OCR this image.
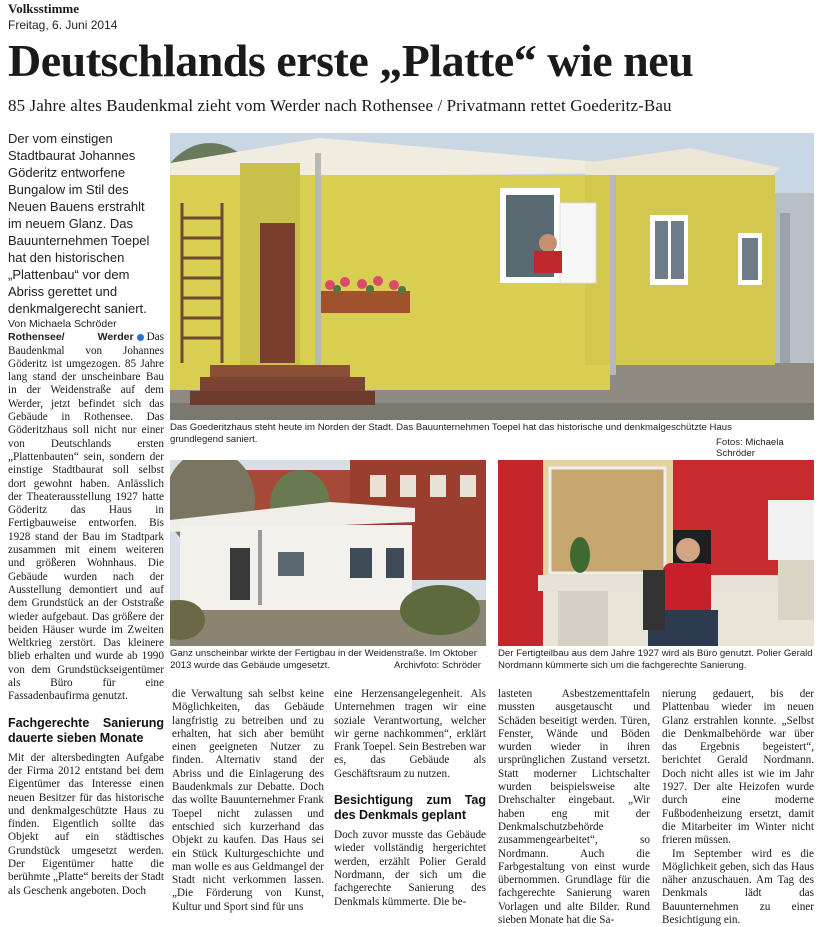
Volksstimme
Freitag, 6. Juni 2014
Deutschlands erste „Platte“ wie neu
85 Jahre altes Baudenkmal zieht vom Werder nach Rothensee / Privatmann rettet Goederitz-Bau
Der vom einstigen Stadtbaurat Johannes Göderitz entworfene Bungalow im Stil des Neuen Bauens erstrahlt im neuem Glanz. Das Bauunternehmen Toepel hat den historischen „Plattenbau“ vor dem Abriss gerettet und denkmalgerecht saniert.
Von Michaela Schröder

Rothensee/ Werder Das Baudenkmal von Johannes Göderitz ist umgezogen. 85 Jahre lang stand der unscheinbare Bau in der Weidenstraße auf dem Werder, jetzt befindet sich das Gebäude in Rothensee. Das Göderitzhaus soll nicht nur einer von Deutschlands ersten „Plattenbauten“ sein, sondern der einstige Stadtbaurat soll selbst dort gewohnt haben. Anlässlich der Theaterausstellung 1927 hatte Göderitz das Haus in Fertigbauweise entworfen. Bis 1928 stand der Bau im Stadtpark zusammen mit einem weiteren und größeren Wohnhaus. Die Gebäude wurden nach der Ausstellung demontiert und auf dem Grundstück an der Oststraße wieder aufgebaut. Das größere der beiden Häuser wurde im Zweiten Weltkrieg zerstört. Das kleinere blieb erhalten und wurde ab 1990 von dem Grundstückseigentümer als Büro für eine Fassadenbaufirma genutzt.

Fachgerechte Sanierung dauerte sieben Monate

Mit der altersbedingten Aufgabe der Firma 2012 entstand bei dem Eigentümer das Interesse einen neuen Besitzer für das historische und denkmalgeschützte Haus zu finden. Eigentlich sollte das Objekt auf ein städtisches Grundstück umgesetzt werden. Der Eigentümer hatte die berühmte „Platte“ bereits der Stadt als Geschenk angeboten. Doch

Das Goederitzhaus steht heute im Norden der Stadt. Das Bauunternehmen Toepel hat das historische und denkmalgeschützte Haus grundlegend saniert.	Fotos: Michaela Schröder
Ganz unscheinbar wirkte der Fertigbau in der Weidenstraße. Im Oktober 2013 wurde das Gebäude umgesetzt.	Archivfoto: Schröder
Der Fertigteilbau aus dem Jahre 1927 wird als Büro genutzt. Polier Gerald Nordmann kümmerte sich um die fachgerechte Sanierung.

die Verwaltung sah selbst keine Möglichkeiten, das Gebäude langfristig zu betreiben und zu erhalten, hat sich aber bemüht einen geeigneten Nutzer zu finden. Alternativ stand der Abriss und die Einlagerung des Baudenkmals zur Debatte. Doch das wollte Bauunternehmer Frank Toepel nicht zulassen und entschied sich kurzerhand das Objekt zu kaufen. Das Haus sei ein Stück Kulturgeschichte und man wolle es aus Geldmangel der Stadt nicht verkommen lassen. „Die Förderung von Kunst, Kultur und Sport sind für uns

eine Herzensangelegenheit. Als Unternehmen tragen wir eine soziale Verantwortung, welcher wir gerne nachkommen“, erklärt Frank Toepel. Sein Bestreben war es, das Gebäude als Geschäftsraum zu nutzen.

Besichtigung zum Tag des Denkmals geplant

Doch zuvor musste das Gebäude wieder vollständig hergerichtet werden, erzählt Polier Gerald Nordmann, der sich um die fachgerechte Sanierung des Denkmals kümmerte. Die be-

lasteten Asbestzementtafeln mussten ausgetauscht und Schäden beseitigt werden. Türen, Fenster, Wände und Böden wurden wieder in ihren ursprünglichen Zustand versetzt. Statt moderner Lichtschalter wurden beispielsweise alte Drehschalter eingebaut. „Wir haben eng mit der Denkmalschutzbehörde zusammengearbeitet“, so Nordmann. Auch die Farbgestaltung von einst wurde übernommen. Grundlage für die fachgerechte Sanierung waren Vorlagen und alte Bilder. Rund sieben Monate hat die Sa-

nierung gedauert, bis der Plattenbau wieder im neuen Glanz erstrahlen konnte. „Selbst die Denkmalbehörde war über das Ergebnis begeistert“, berichtet Gerald Nordmann. Doch nicht alles ist wie im Jahr 1927. Der alte Heizofen wurde durch eine moderne Fußbodenheizung ersetzt, damit die Mitarbeiter im Winter nicht frieren müssen.

Im September wird es die Möglichkeit geben, sich das Haus näher anzuschauen. Am Tag des Denkmals lädt das Bauunternehmen zu einer Besichtigung ein.
